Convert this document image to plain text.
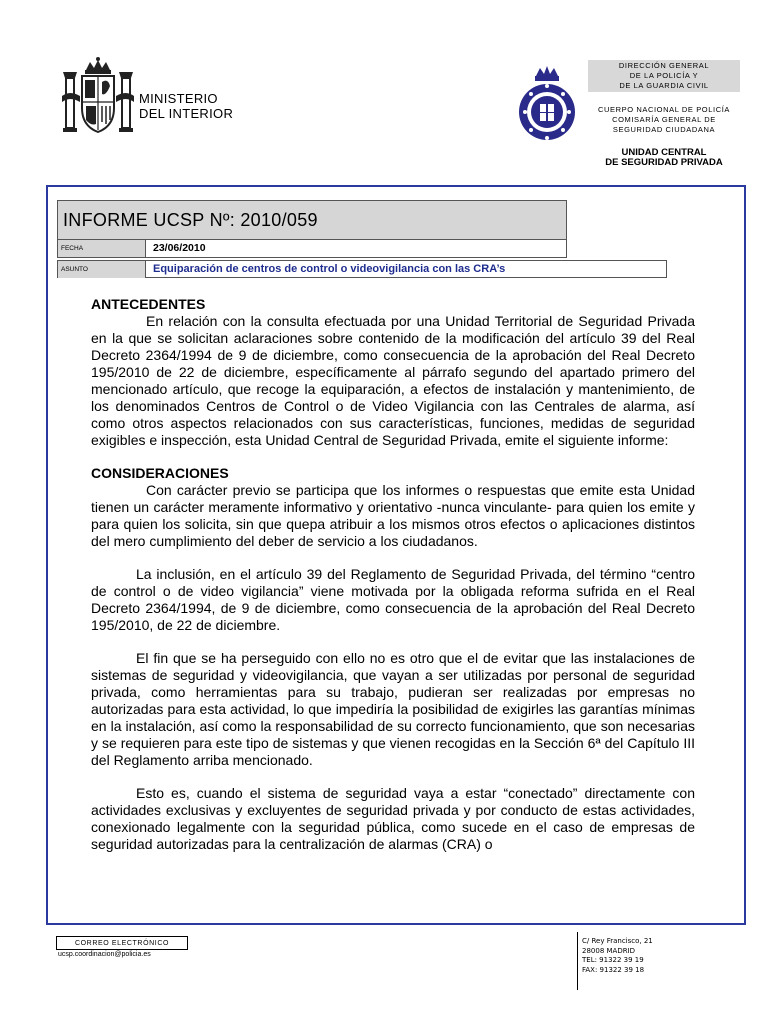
MINISTERIO
DEL INTERIOR
DIRECCIÓN GENERAL
DE LA POLICÍA Y
DE LA GUARDIA CIVIL
CUERPO NACIONAL DE POLICÍA
COMISARÍA GENERAL DE
SEGURIDAD CIUDADANA
UNIDAD CENTRAL
DE SEGURIDAD PRIVADA
INFORME UCSP Nº: 2010/059
FECHA	23/06/2010
ASUNTO	Equiparación de centros de control o videovigilancia con las CRA’s
ANTECEDENTES

En relación con la consulta efectuada por una Unidad Territorial de Seguridad Privada en la que se solicitan aclaraciones sobre contenido de la modificación del artículo 39 del Real Decreto 2364/1994 de 9 de diciembre, como consecuencia de la aprobación del Real Decreto 195/2010 de 22 de diciembre, específicamente al párrafo segundo del apartado primero del mencionado artículo, que recoge la equiparación, a efectos de instalación y mantenimiento, de los denominados Centros de Control o de Video Vigilancia con las Centrales de alarma, así como otros aspectos relacionados con sus características, funciones, medidas de seguridad exigibles e inspección, esta Unidad Central de Seguridad Privada, emite el siguiente informe:

CONSIDERACIONES

Con carácter previo se participa que los informes o respuestas que emite esta Unidad tienen un carácter meramente informativo y orientativo -nunca vinculante- para quien los emite y para quien los solicita, sin que quepa atribuir a los mismos otros efectos o aplicaciones distintos del mero cumplimiento del deber de servicio a los ciudadanos.

La inclusión, en el artículo 39 del Reglamento de Seguridad Privada, del término “centro de control o de video vigilancia” viene motivada por la obligada reforma sufrida en el Real Decreto 2364/1994, de 9 de diciembre, como consecuencia de la aprobación del Real Decreto 195/2010, de 22 de diciembre.

El fin que se ha perseguido con ello no es otro que el de evitar que las instalaciones de sistemas de seguridad y videovigilancia, que vayan a ser utilizadas por personal de seguridad privada, como herramientas para su trabajo, pudieran ser realizadas por empresas no autorizadas para esta actividad, lo que impediría la posibilidad de exigirles las garantías mínimas en la instalación, así como la responsabilidad de su correcto funcionamiento, que son necesarias y se requieren para este tipo de sistemas y que vienen recogidas en la Sección 6ª del Capítulo III del Reglamento arriba mencionado.

Esto es, cuando el sistema de seguridad vaya a estar “conectado” directamente con actividades exclusivas y excluyentes de seguridad privada y por conducto de estas actividades, conexionado legalmente con la seguridad pública, como sucede en el caso de empresas de seguridad autorizadas para la centralización de alarmas (CRA) o

CORREO ELECTRÓNICO
ucsp.coordinacion@policia.es
C/ Rey Francisco, 21
28008 MADRID
TEL: 91322 39 19
FAX: 91322 39 18
